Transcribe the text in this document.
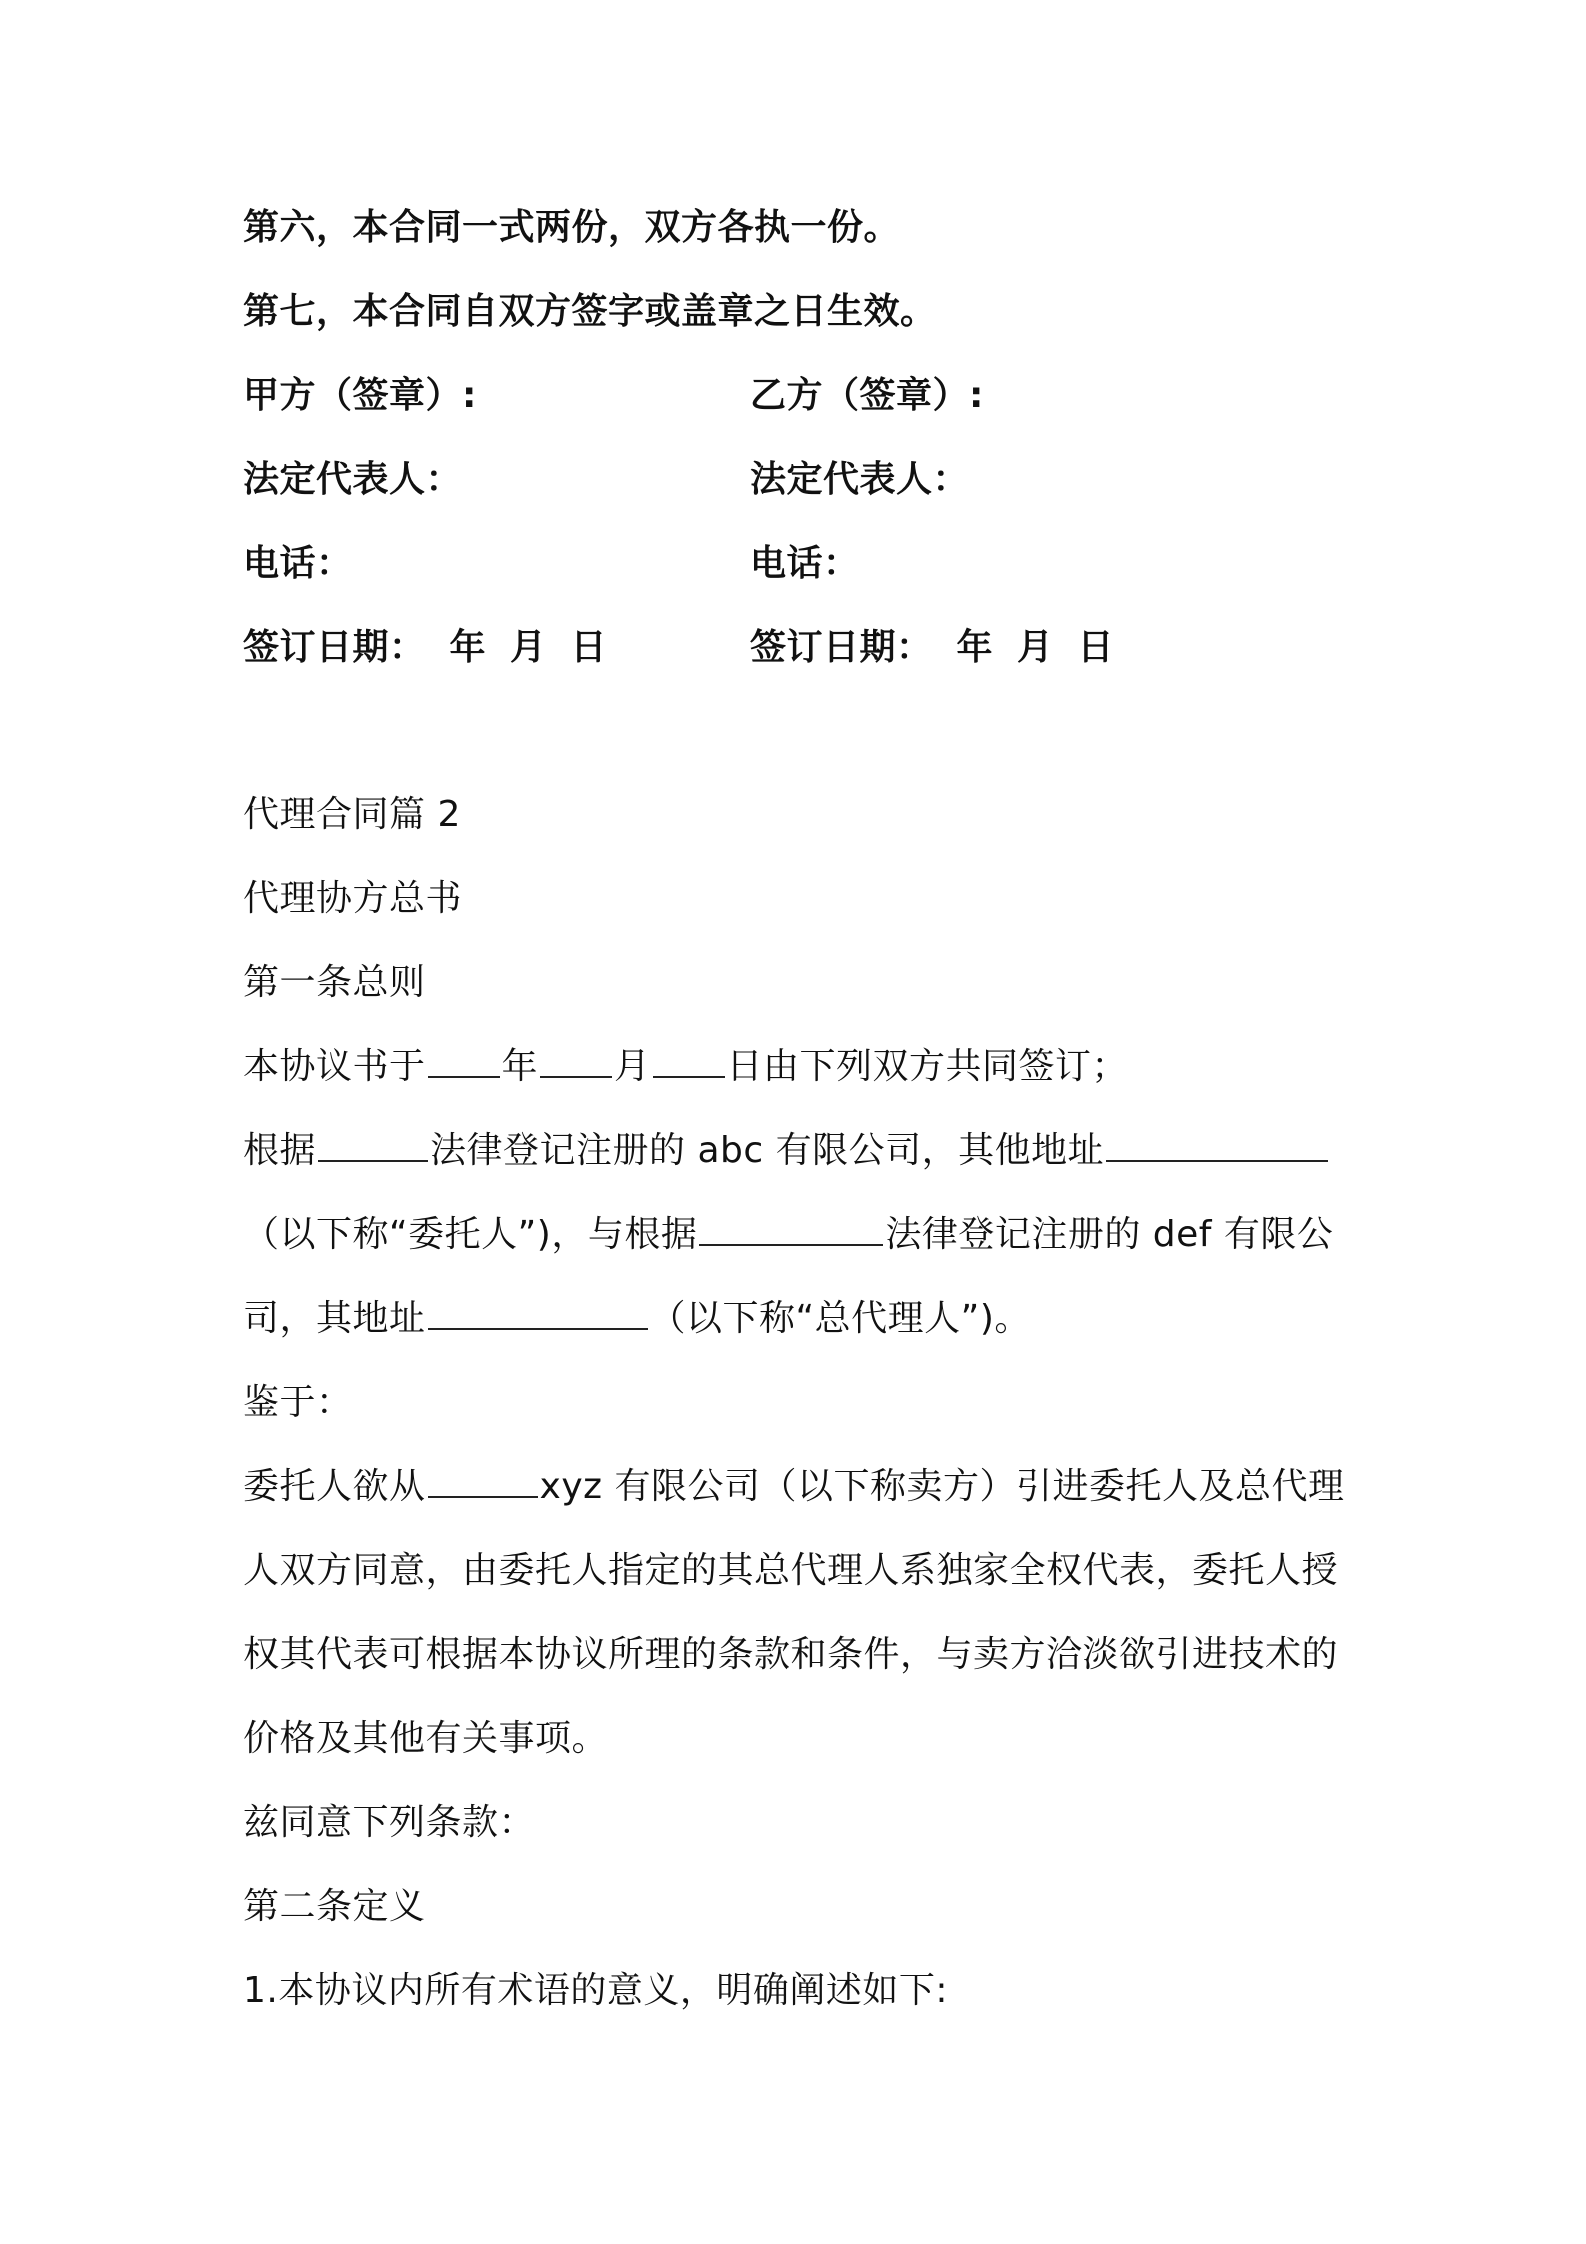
第六，本合同一式两份，双方各执一份。
第七，本合同自双方签字或盖章之日生效。
甲方（签章）:	乙方（签章）:
法定代表人：	法定代表人：
电话：	电话：
签订日期： 年 月 日	签订日期： 年 月 日
代理合同篇 2
代理协方总书
第一条总则
本协议书于 年 月 日由下列双方共同签订；
根据	法律登记注册的 abc 有限公司，其他地址
（以下称“委托人”)，与根据	法律登记注册的 def 有限公
司，其地址	（以下称“总代理人”)。
鉴于：
委托人欲从	xyz 有限公司（以下称卖方）引进委托人及总代理
人双方同意，由委托人指定的其总代理人系独家全权代表，委托人授
权其代表可根据本协议所理的条款和条件，与卖方洽淡欲引进技术的
价格及其他有关事项。
兹同意下列条款：
第二条定义
1.本协议内所有术语的意义，明确阐述如下:
